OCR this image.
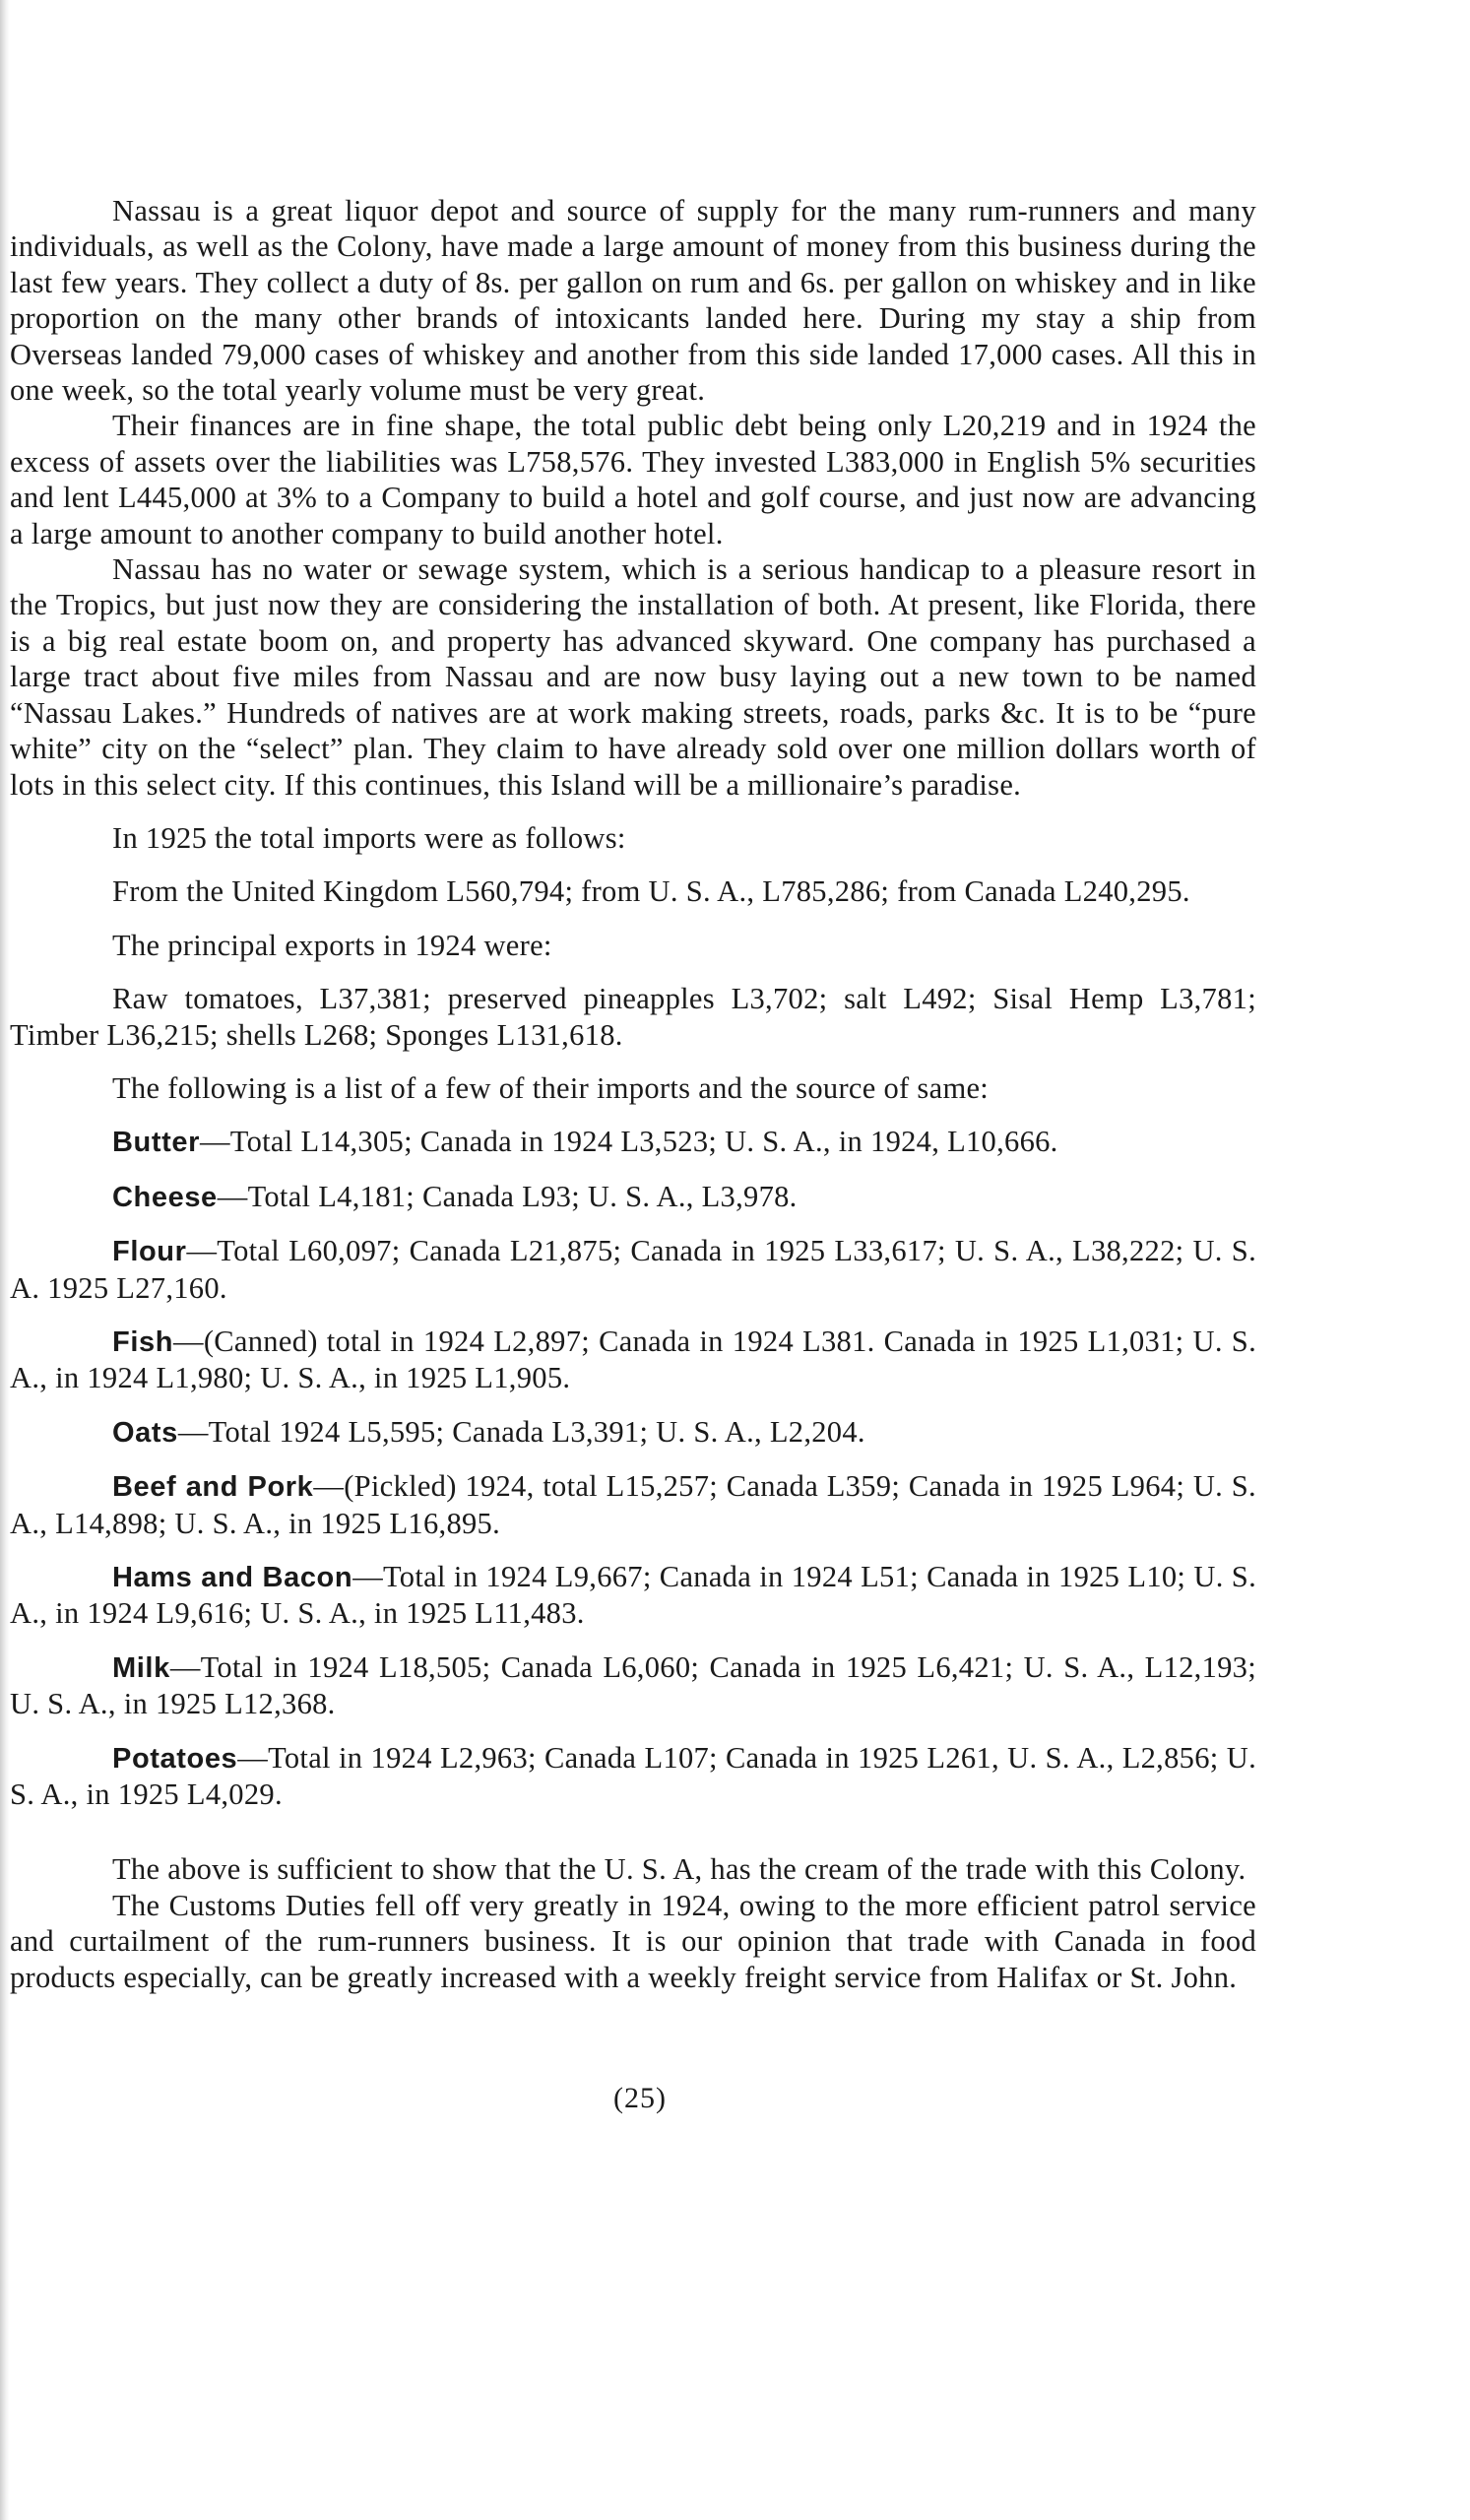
Nassau is a great liquor depot and source of supply for the many rum-runners and many individuals, as well as the Colony, have made a large amount of money from this business during the last few years. They collect a duty of 8s. per gallon on rum and 6s. per gallon on whiskey and in like proportion on the many other brands of intoxicants landed here. During my stay a ship from Overseas landed 79,000 cases of whiskey and another from this side landed 17,000 cases. All this in one week, so the total yearly volume must be very great.

Their finances are in fine shape, the total public debt being only L20,219 and in 1924 the excess of assets over the liabilities was L758,576. They invested L383,000 in English 5% securities and lent L445,000 at 3% to a Company to build a hotel and golf course, and just now are advancing a large amount to another company to build another hotel.

Nassau has no water or sewage system, which is a serious handicap to a pleasure resort in the Tropics, but just now they are considering the installation of both. At present, like Florida, there is a big real estate boom on, and property has advanced skyward. One company has purchased a large tract about five miles from Nassau and are now busy laying out a new town to be named “Nassau Lakes.” Hundreds of natives are at work making streets, roads, parks &c. It is to be “pure white” city on the “select” plan. They claim to have already sold over one million dollars worth of lots in this select city. If this continues, this Island will be a millionaire’s paradise.

In 1925 the total imports were as follows:

From the United Kingdom L560,794; from U. S. A., L785,286; from Canada L240,295.

The principal exports in 1924 were:

Raw tomatoes, L37,381; preserved pineapples L3,702; salt L492; Sisal Hemp L3,781; Timber L36,215; shells L268; Sponges L131,618.

The following is a list of a few of their imports and the source of same:

Butter—Total L14,305; Canada in 1924 L3,523; U. S. A., in 1924, L10,666.

Cheese—Total L4,181; Canada L93; U. S. A., L3,978.

Flour—Total L60,097; Canada L21,875; Canada in 1925 L33,617; U. S. A., L38,222; U. S. A. 1925 L27,160.

Fish—(Canned) total in 1924 L2,897; Canada in 1924 L381. Canada in 1925 L1,031; U. S. A., in 1924 L1,980; U. S. A., in 1925 L1,905.

Oats—Total 1924 L5,595; Canada L3,391; U. S. A., L2,204.

Beef and Pork—(Pickled) 1924, total L15,257; Canada L359; Canada in 1925 L964; U. S. A., L14,898; U. S. A., in 1925 L16,895.

Hams and Bacon—Total in 1924 L9,667; Canada in 1924 L51; Canada in 1925 L10; U. S. A., in 1924 L9,616; U. S. A., in 1925 L11,483.

Milk—Total in 1924 L18,505; Canada L6,060; Canada in 1925 L6,421; U. S. A., L12,193; U. S. A., in 1925 L12,368.

Potatoes—Total in 1924 L2,963; Canada L107; Canada in 1925 L261, U. S. A., L2,856; U. S. A., in 1925 L4,029.

The above is sufficient to show that the U. S. A, has the cream of the trade with this Colony.

The Customs Duties fell off very greatly in 1924, owing to the more efficient patrol service and curtailment of the rum-runners business. It is our opinion that trade with Canada in food products especially, can be greatly increased with a weekly freight service from Halifax or St. John.

(25)
